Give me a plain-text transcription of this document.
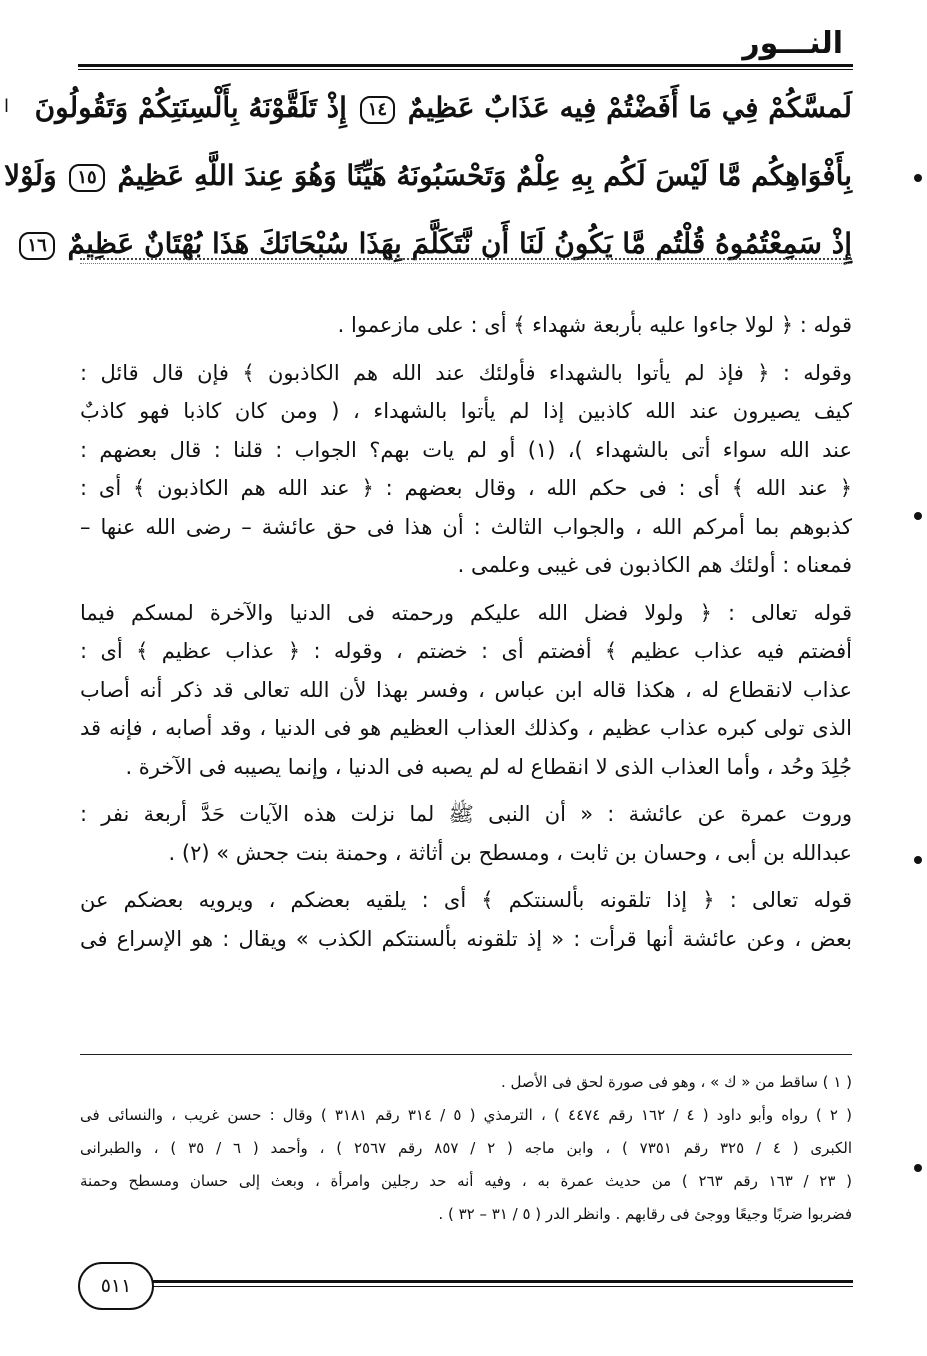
النـــور
ا	لَمسَّكُمْ فِي مَا أَفَضْتُمْ فِيه عَذَابٌ عَظِيمٌ ١٤ إِذْ تَلَقَّوْنَهُ بِأَلْسِنَتِكُمْ وَتَقُولُونَ
بِأَفْوَاهِكُم مَّا لَيْسَ لَكُم بِهِ عِلْمٌ وَتَحْسَبُونَهُ هَيِّنًا وَهُوَ عِندَ اللَّهِ عَظِيمٌ ١٥ وَلَوْلا
إِذْ سَمِعْتُمُوهُ قُلْتُم مَّا يَكُونُ لَنَا أَن نَّتَكَلَّمَ بِهَذَا سُبْحَانَكَ هَذَا بُهْتَانٌ عَظِيمٌ ١٦
قوله : ﴿ لولا جاءوا عليه بأربعة شهداء ﴾ أى : على مازعموا .
وقوله : ﴿ فإذ لم يأتوا بالشهداء فأولئك عند الله هم الكاذبون ﴾ فإن قال قائل :
كيف يصيرون عند الله كاذبين إذا لم يأتوا بالشهداء ، ( ومن كان كاذبا فهو كاذبٌ
عند الله سواء أتى بالشهداء )، (١) أو لم يات بهم؟ الجواب : قلنا : قال بعضهم :
﴿ عند الله ﴾ أى : فى حكم الله ، وقال بعضهم : ﴿ عند الله هم الكاذبون ﴾ أى :
كذبوهم بما أمركم الله ، والجواب الثالث : أن هذا فى حق عائشة – رضى الله عنها –
فمعناه : أولئك هم الكاذبون فى غيبى وعلمى .
قوله تعالى : ﴿ ولولا فضل الله عليكم ورحمته فى الدنيا والآخرة لمسكم فيما
أفضتم فيه عذاب عظيم ﴾ أفضتم أى : خضتم ، وقوله : ﴿ عذاب عظيم ﴾ أى :
عذاب لانقطاع له ، هكذا قاله ابن عباس ، وفسر بهذا لأن الله تعالى قد ذكر أنه أصاب
الذى تولى كبره عذاب عظيم ، وكذلك العذاب العظيم هو فى الدنيا ، وقد أصابه ، فإنه قد
جُلِدَ وحُد ، وأما العذاب الذى لا انقطاع له لم يصبه فى الدنيا ، وإنما يصيبه فى الآخرة .
وروت عمرة عن عائشة : « أن النبى ﷺ لما نزلت هذه الآيات حَدَّ أربعة نفر :
عبدالله بن أبى ، وحسان بن ثابت ، ومسطح بن أثاثة ، وحمنة بنت جحش » (٢) .
قوله تعالى : ﴿ إذا تلقونه بألسنتكم ﴾ أى : يلقيه بعضكم ، ويرويه بعضكم عن
بعض ، وعن عائشة أنها قرأت : « إذ تلقونه بألسنتكم الكذب » ويقال : هو الإسراع فى
( ١ ) ساقط من « ك » ، وهو فى صورة لحق فى الأصل .
( ٢ ) رواه وأبو داود ( ٤ / ١٦٢ رقم ٤٤٧٤ ) ، الترمذي ( ٥ / ٣١٤ رقم ٣١٨١ ) وقال : حسن غريب ، والنسائى فى
الكبرى ( ٤ / ٣٢٥ رقم ٧٣٥١ ) ، وابن ماجه ( ٢ / ٨٥٧ رقم ٢٥٦٧ ) ، وأحمد ( ٦ / ٣٥ ) ، والطبرانى
( ٢٣ / ١٦٣ رقم ٢٦٣ ) من حديث عمرة به ، وفيه أنه حد رجلين وامرأة ، وبعث إلى حسان ومسطح وحمنة
فضربوا ضربًا وجيعًا ووجئ فى رقابهم . وانظر الدر ( ٥ / ٣١ – ٣٢ ) .
٥١١
